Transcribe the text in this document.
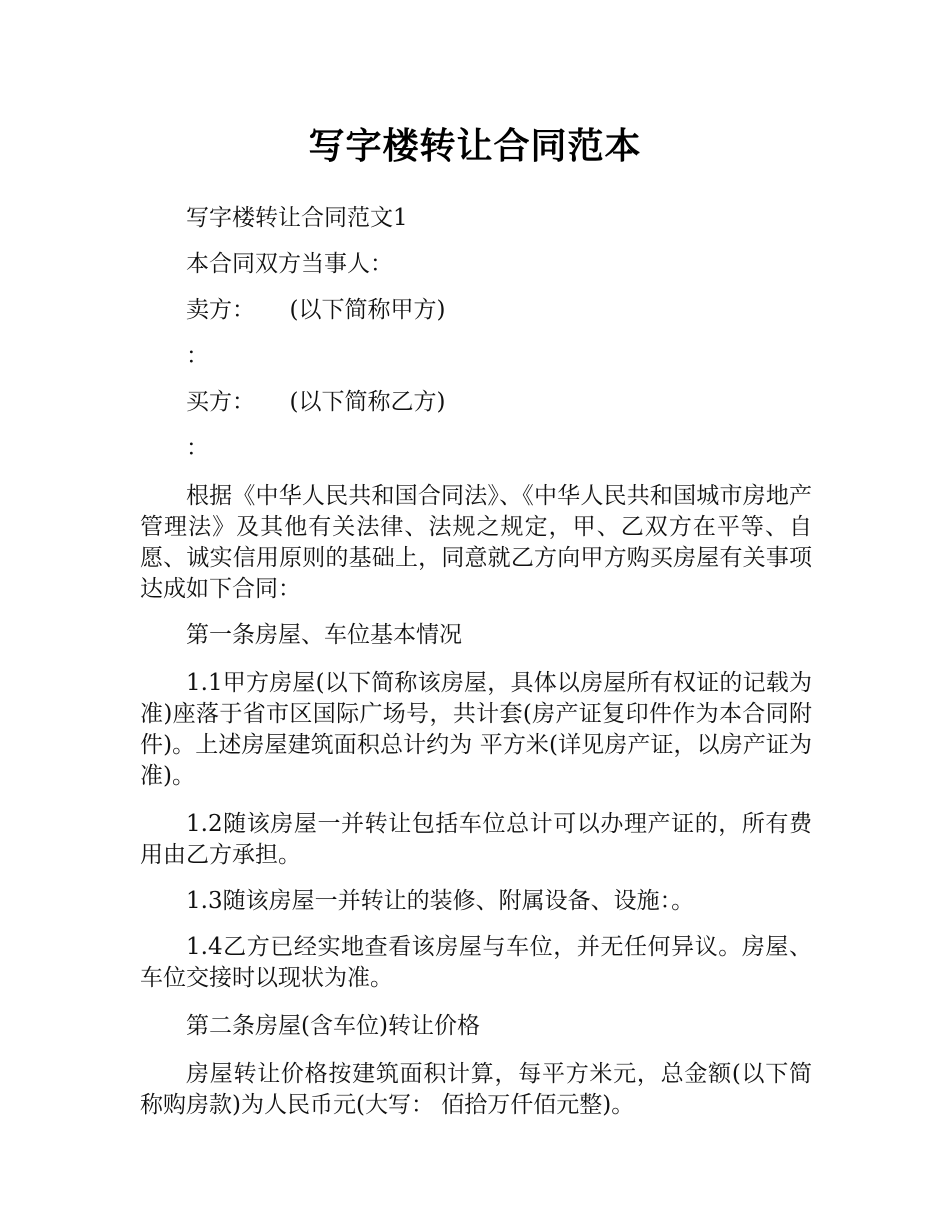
写字楼转让合同范本

写字楼转让合同范文1

本合同双方当事人：

卖方：　　(以下简称甲方)

：

买方：　　(以下简称乙方)

：

根据《中华人民共和国合同法》、《中华人民共和国城市房地产管理法》及其他有关法律、法规之规定，甲、乙双方在平等、自愿、诚实信用原则的基础上，同意就乙方向甲方购买房屋有关事项达成如下合同：

第一条房屋、车位基本情况

1.1甲方房屋(以下简称该房屋，具体以房屋所有权证的记载为准)座落于省市区国际广场号，共计套(房产证复印件作为本合同附件)。上述房屋建筑面积总计约为 平方米(详见房产证，以房产证为准)。

1.2随该房屋一并转让包括车位总计可以办理产证的，所有费用由乙方承担。

1.3随该房屋一并转让的装修、附属设备、设施：。

1.4乙方已经实地查看该房屋与车位，并无任何异议。房屋、车位交接时以现状为准。

第二条房屋(含车位)转让价格

房屋转让价格按建筑面积计算，每平方米元，总金额(以下简称购房款)为人民币元(大写： 佰拾万仟佰元整)。
